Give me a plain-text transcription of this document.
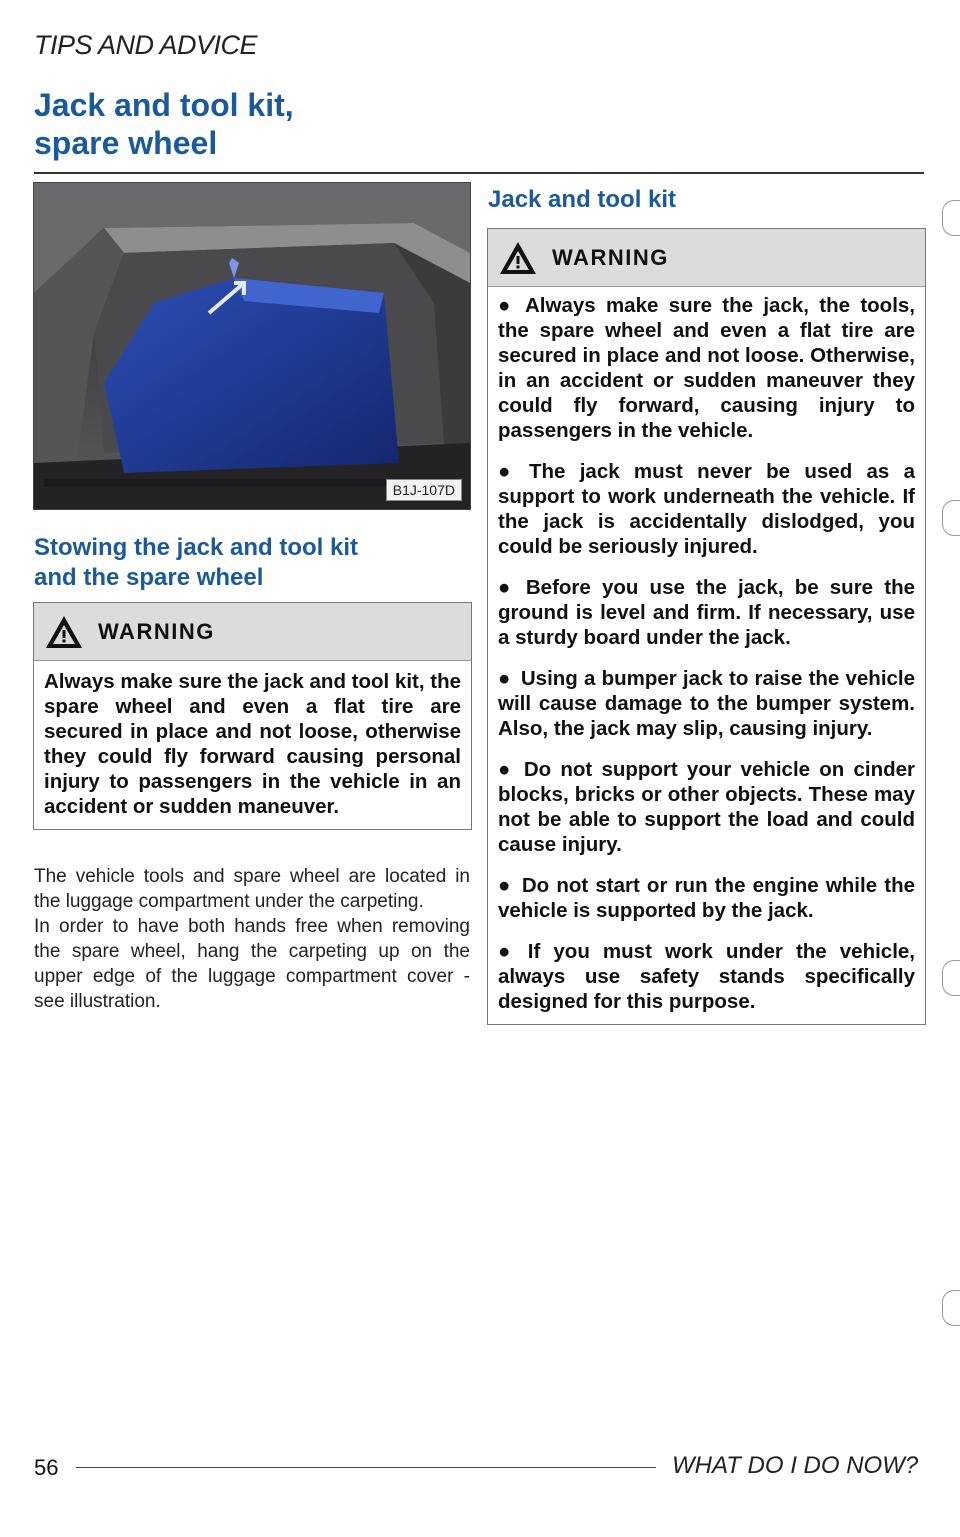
TIPS AND ADVICE
Jack and tool kit,
spare wheel
B1J-107D
Stowing the jack and tool kit
and the spare wheel
WARNING

Always make sure the jack and tool kit, the spare wheel and even a flat tire are secured in place and not loose, otherwise they could fly forward causing personal injury to passengers in the vehicle in an accident or sudden maneuver.

The vehicle tools and spare wheel are located in the luggage compartment under the carpeting.

In order to have both hands free when removing the spare wheel, hang the carpeting up on the upper edge of the luggage compartment cover - see illustration.

Jack and tool kit
WARNING

● Always make sure the jack, the tools, the spare wheel and even a flat tire are secured in place and not loose. Otherwise, in an accident or sudden maneuver they could fly forward, causing injury to passengers in the vehicle.

● The jack must never be used as a support to work underneath the vehicle. If the jack is accidentally dislodged, you could be seriously injured.

● Before you use the jack, be sure the ground is level and firm. If necessary, use a sturdy board under the jack.

● Using a bumper jack to raise the vehicle will cause damage to the bumper system. Also, the jack may slip, causing injury.

● Do not support your vehicle on cinder blocks, bricks or other objects. These may not be able to support the load and could cause injury.

● Do not start or run the engine while the vehicle is supported by the jack.

● If you must work under the vehicle, always use safety stands specifically designed for this purpose.

56	WHAT DO I DO NOW?
